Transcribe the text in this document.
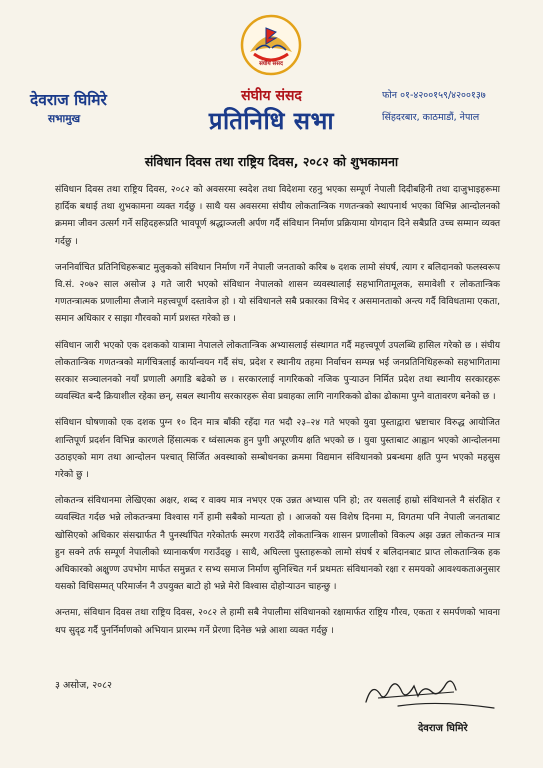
संघीय संसद
देवराज घिमिरे
सभामुख
संघीय संसद
प्रतिनिधि सभा
फोन ०१-४२००१५९/४२००१३७
सिंहदरबार, काठमाडौं, नेपाल
संविधान दिवस तथा राष्ट्रिय दिवस, २०८२ को शुभकामना

संविधान दिवस तथा राष्ट्रिय दिवस, २०८२ को अवसरमा स्वदेश तथा विदेशमा रहनु भएका सम्पूर्ण नेपाली दिदीबहिनी तथा दाजुभाइहरूमा हार्दिक बधाई तथा शुभकामना व्यक्त गर्दछु । साथै यस अवसरमा संघीय लोकतान्त्रिक गणतन्त्रको स्थापनार्थ भएका विभिन्न आन्दोलनको क्रममा जीवन उत्सर्ग गर्ने सहिदहरूप्रति भावपूर्ण श्रद्धाञ्जली अर्पण गर्दै संविधान निर्माण प्रक्रियामा योगदान दिने सबैप्रति उच्च सम्मान व्यक्त गर्दछु ।

जननिर्वाचित प्रतिनिधिहरूबाट मुलुकको संविधान निर्माण गर्ने नेपाली जनताको करिब ७ दशक लामो संघर्ष, त्याग र बलिदानको फलस्वरूप वि.सं. २०७२ साल असोज ३ गते जारी भएको संविधान नेपालको शासन व्यवस्थालाई सहभागितामूलक, समावेशी र लोकतान्त्रिक गणतन्त्रात्मक प्रणालीमा लैजाने महत्त्वपूर्ण दस्तावेज हो । यो संविधानले सबै प्रकारका विभेद र असमानताको अन्त्य गर्दै विविधतामा एकता, समान अधिकार र साझा गौरवको मार्ग प्रशस्त गरेको छ ।

संविधान जारी भएको एक दशकको यात्रामा नेपालले लोकतान्त्रिक अभ्यासलाई संस्थागत गर्दै महत्त्वपूर्ण उपलब्धि हासिल गरेको छ । संघीय लोकतान्त्रिक गणतन्त्रको मार्गचित्रलाई कार्यान्वयन गर्दै संघ, प्रदेश र स्थानीय तहमा निर्वाचन सम्पन्न भई जनप्रतिनिधिहरूको सहभागितामा सरकार सञ्चालनको नयाँ प्रणाली अगाडि बढेको छ । सरकारलाई नागरिकको नजिक पुऱ्याउन निर्मित प्रदेश तथा स्थानीय सरकारहरू व्यवस्थित बन्दै क्रियाशील रहेका छन्, सबल स्थानीय सरकारहरू सेवा प्रवाहका लागि नागरिकको ढोका ढोकामा पुग्ने वातावरण बनेको छ ।

संविधान घोषणाको एक दशक पुग्न १० दिन मात्र बाँकी रहँदा गत भदौ २३–२४ गते भएको युवा पुस्ताद्वारा भ्रष्टाचार विरुद्ध आयोजित शान्तिपूर्ण प्रदर्शन विभिन्न कारणले हिंसात्मक र ध्वंसात्मक हुन पुगी अपूरणीय क्षति भएको छ । युवा पुस्ताबाट आह्वान भएको आन्दोलनमा उठाइएको माग तथा आन्दोलन पश्चात् सिर्जित अवस्थाको सम्बोधनका क्रममा विद्यमान संविधानको प्रबन्धमा क्षति पुग्न भएको महसुस गरेको छु ।

लोकतन्त्र संविधानमा लेखिएका अक्षर, शब्द र वाक्य मात्र नभएर एक उन्नत अभ्यास पनि हो; तर यसलाई हाम्रो संविधानले नै संरक्षित र व्यवस्थित गर्दछ भन्ने लोकतन्त्रमा विश्वास गर्ने हामी सबैको मान्यता हो । आजको यस विशेष दिनमा म, विगतमा पनि नेपाली जनताबाट खोसिएको अधिकार संसद्मार्फत नै पुनर्स्थापित गरेकोतर्फ स्मरण गराउँदै लोकतान्त्रिक शासन प्रणालीको विकल्प अझ उन्नत लोकतन्त्र मात्र हुन सक्ने तर्फ सम्पूर्ण नेपालीको ध्यानाकर्षण गराउँदछु । साथै, अघिल्ला पुस्ताहरूको लामो संघर्ष र बलिदानबाट प्राप्त लोकतान्त्रिक हक अधिकारको अक्षुण्ण उपभोग मार्फत समुन्नत र सभ्य समाज निर्माण सुनिश्चित गर्न प्रथमतः संविधानको रक्षा र समयको आवश्यकताअनुसार यसको विधिसम्मत् परिमार्जन नै उपयुक्त बाटो हो भन्ने मेरो विश्वास दोहोऱ्याउन चाहन्छु ।

अन्तमा, संविधान दिवस तथा राष्ट्रिय दिवस, २०८२ ले हामी सबै नेपालीमा संविधानको रक्षामार्फत राष्ट्रिय गौरव, एकता र समर्पणको भावना थप सुदृढ गर्दै पुनर्निर्माणको अभियान प्रारम्भ गर्ने प्रेरणा दिनेछ भन्ने आशा व्यक्त गर्दछु ।

३ असोज, २०८२
देवराज घिमिरे
